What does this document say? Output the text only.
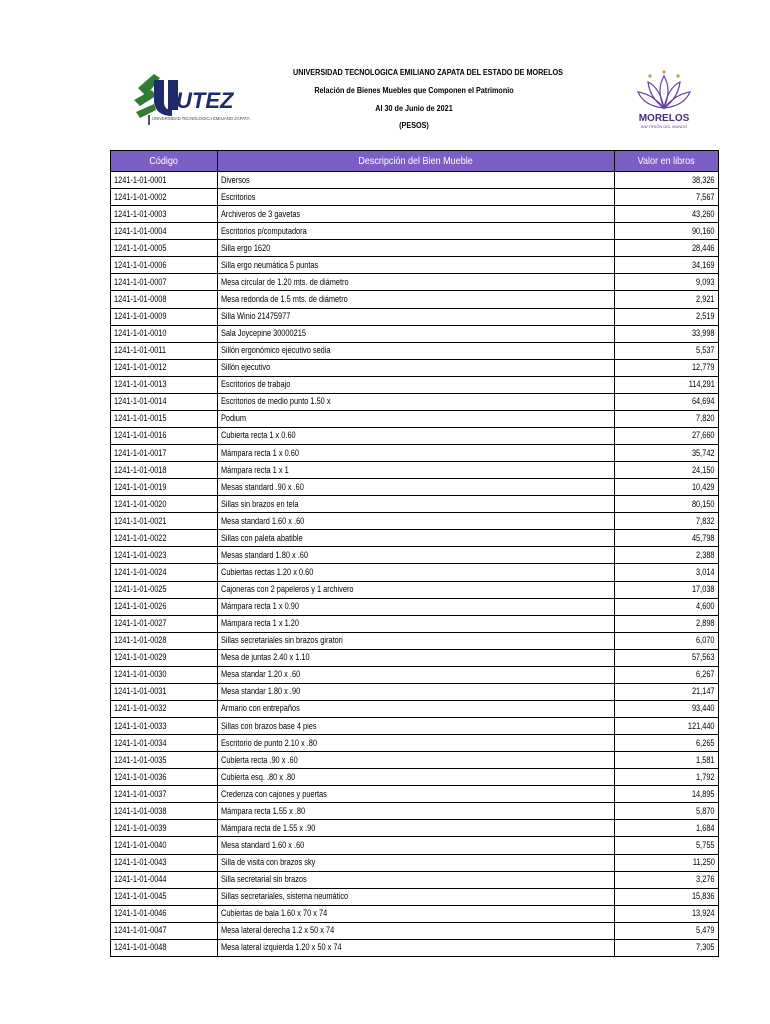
UTEZ
UNIVERSIDAD TECNOLOGICA EMILIANO ZAPATA
UNIVERSIDAD TECNOLOGICA EMILIANO ZAPATA DEL ESTADO DE MORELOS
Relación de Bienes Muebles que Componen el Patrimonio
Al 30 de Junio de 2021
(PESOS)
MORELOS
ANFITRIÓN DEL MUNDO
Código	Descripción del Bien Mueble	Valor en libros
1241-1-01-0001	Diversos	38,326
1241-1-01-0002	Escritorios	7,567
1241-1-01-0003	Archiveros de 3 gavetas	43,260
1241-1-01-0004	Escritorios p/computadora	90,160
1241-1-01-0005	Silla ergo 1620	28,446
1241-1-01-0006	Silla ergo neumática 5 puntas	34,169
1241-1-01-0007	Mesa circular de 1.20 mts. de diámetro	9,093
1241-1-01-0008	Mesa redonda de 1.5 mts. de diámetro	2,921
1241-1-01-0009	Silla Winio 21475977	2,519
1241-1-01-0010	Sala Joycepine 30000215	33,998
1241-1-01-0011	Sillón ergonómico ejecutivo sedia	5,537
1241-1-01-0012	Sillón ejecutivo	12,779
1241-1-01-0013	Escritorios de trabajo	114,291
1241-1-01-0014	Escritorios de medio punto 1.50 x	64,694
1241-1-01-0015	Podium	7,820
1241-1-01-0016	Cubierta recta 1 x 0.60	27,660
1241-1-01-0017	Mámpara recta 1 x 0.60	35,742
1241-1-01-0018	Mámpara recta 1 x 1	24,150
1241-1-01-0019	Mesas standard .90 x .60	10,429
1241-1-01-0020	Sillas sin brazos en tela	80,150
1241-1-01-0021	Mesa standard 1.60 x .60	7,832
1241-1-01-0022	Sillas con paleta abatible	45,798
1241-1-01-0023	Mesas standard 1.80 x .60	2,388
1241-1-01-0024	Cubiertas rectas 1.20 x 0.60	3,014
1241-1-01-0025	Cajoneras con 2 papeleros y 1 archivero	17,038
1241-1-01-0026	Mámpara recta 1 x 0.90	4,600
1241-1-01-0027	Mámpara recta 1 x 1.20	2,898
1241-1-01-0028	Sillas secretariales sin brazos giratori	6,070
1241-1-01-0029	Mesa de juntas 2.40 x 1.10	57,563
1241-1-01-0030	Mesa standar 1.20 x .60	6,267
1241-1-01-0031	Mesa standar 1.80 x .90	21,147
1241-1-01-0032	Armario con entrepaños	93,440
1241-1-01-0033	Sillas con brazos base 4 pies	121,440
1241-1-01-0034	Escritorio de punto 2.10 x .80	6,265
1241-1-01-0035	Cubierta recta .90 x .60	1,581
1241-1-01-0036	Cubierta esq. .80 x .80	1,792
1241-1-01-0037	Credenza con cajones y puertas	14,895
1241-1-01-0038	Mámpara recta 1.55 x .80	5,870
1241-1-01-0039	Mámpara recta de 1.55 x .90	1,684
1241-1-01-0040	Mesa standard 1.60 x .60	5,755
1241-1-01-0043	Silla de visita con brazos sky	11,250
1241-1-01-0044	Silla secretarial sin brazos	3,276
1241-1-01-0045	Sillas secretariales, sistema neumático	15,836
1241-1-01-0046	Cubiertas de bala 1.60 x 70 x 74	13,924
1241-1-01-0047	Mesa lateral derecha 1.2 x 50 x 74	5,479
1241-1-01-0048	Mesa lateral izquierda 1.20 x 50 x 74	7,305
